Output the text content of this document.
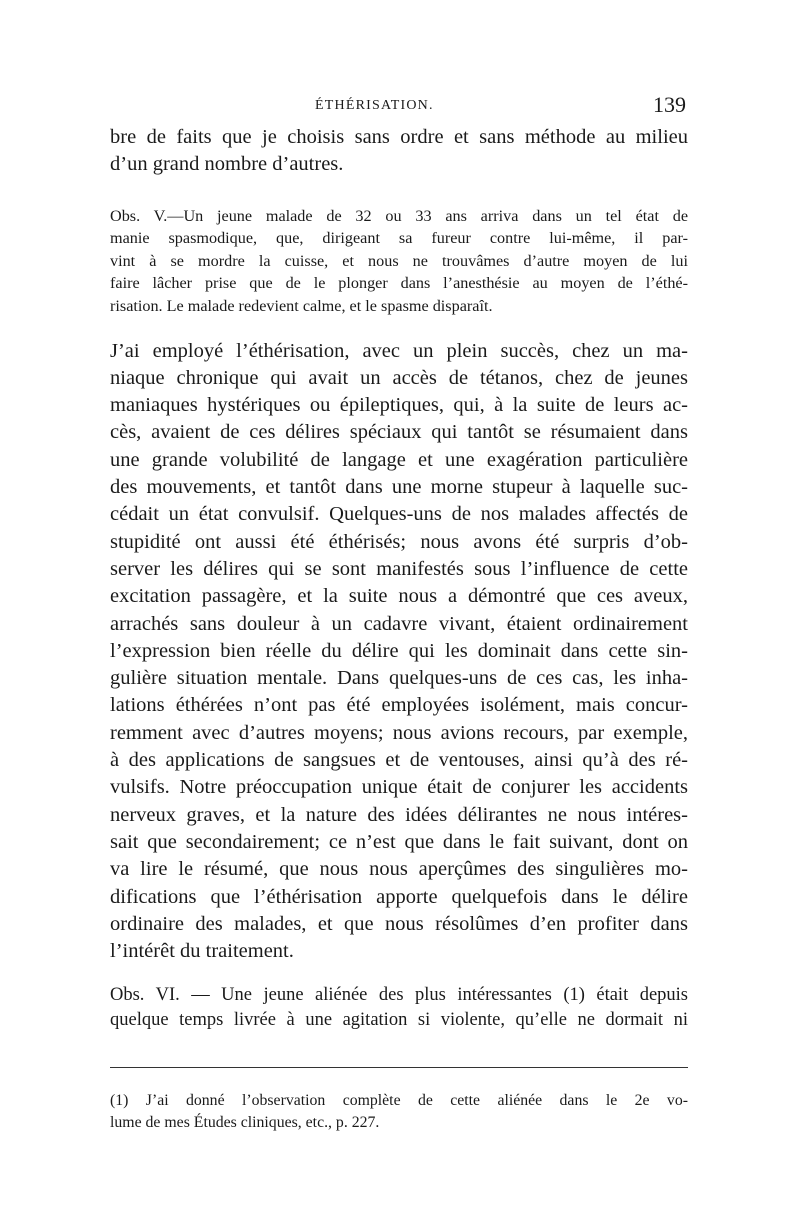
ÉTHÉRISATION.	139
bre de faits que je choisis sans ordre et sans méthode au milieu
d’un grand nombre d’autres.
Obs. V.—Un jeune malade de 32 ou 33 ans arriva dans un tel état de
manie spasmodique, que, dirigeant sa fureur contre lui-même, il par-
vint à se mordre la cuisse, et nous ne trouvâmes d’autre moyen de lui
faire lâcher prise que de le plonger dans l’anesthésie au moyen de l’éthé-
risation. Le malade redevient calme, et le spasme disparaît.
J’ai employé l’éthérisation, avec un plein succès, chez un ma-
niaque chronique qui avait un accès de tétanos, chez de jeunes
maniaques hystériques ou épileptiques, qui, à la suite de leurs ac-
cès, avaient de ces délires spéciaux qui tantôt se résumaient dans
une grande volubilité de langage et une exagération particulière
des mouvements, et tantôt dans une morne stupeur à laquelle suc-
cédait un état convulsif. Quelques-uns de nos malades affectés de
stupidité ont aussi été éthérisés; nous avons été surpris d’ob-
server les délires qui se sont manifestés sous l’influence de cette
excitation passagère, et la suite nous a démontré que ces aveux,
arrachés sans douleur à un cadavre vivant, étaient ordinairement
l’expression bien réelle du délire qui les dominait dans cette sin-
gulière situation mentale. Dans quelques-uns de ces cas, les inha-
lations éthérées n’ont pas été employées isolément, mais concur-
remment avec d’autres moyens; nous avions recours, par exemple,
à des applications de sangsues et de ventouses, ainsi qu’à des ré-
vulsifs. Notre préoccupation unique était de conjurer les accidents
nerveux graves, et la nature des idées délirantes ne nous intéres-
sait que secondairement; ce n’est que dans le fait suivant, dont on
va lire le résumé, que nous nous aperçûmes des singulières mo-
difications que l’éthérisation apporte quelquefois dans le délire
ordinaire des malades, et que nous résolûmes d’en profiter dans
l’intérêt du traitement.
Obs. VI. — Une jeune aliénée des plus intéressantes (1) était depuis
quelque temps livrée à une agitation si violente, qu’elle ne dormait ni
(1) J’ai donné l’observation complète de cette aliénée dans le 2e vo-
lume de mes Études cliniques, etc., p. 227.
